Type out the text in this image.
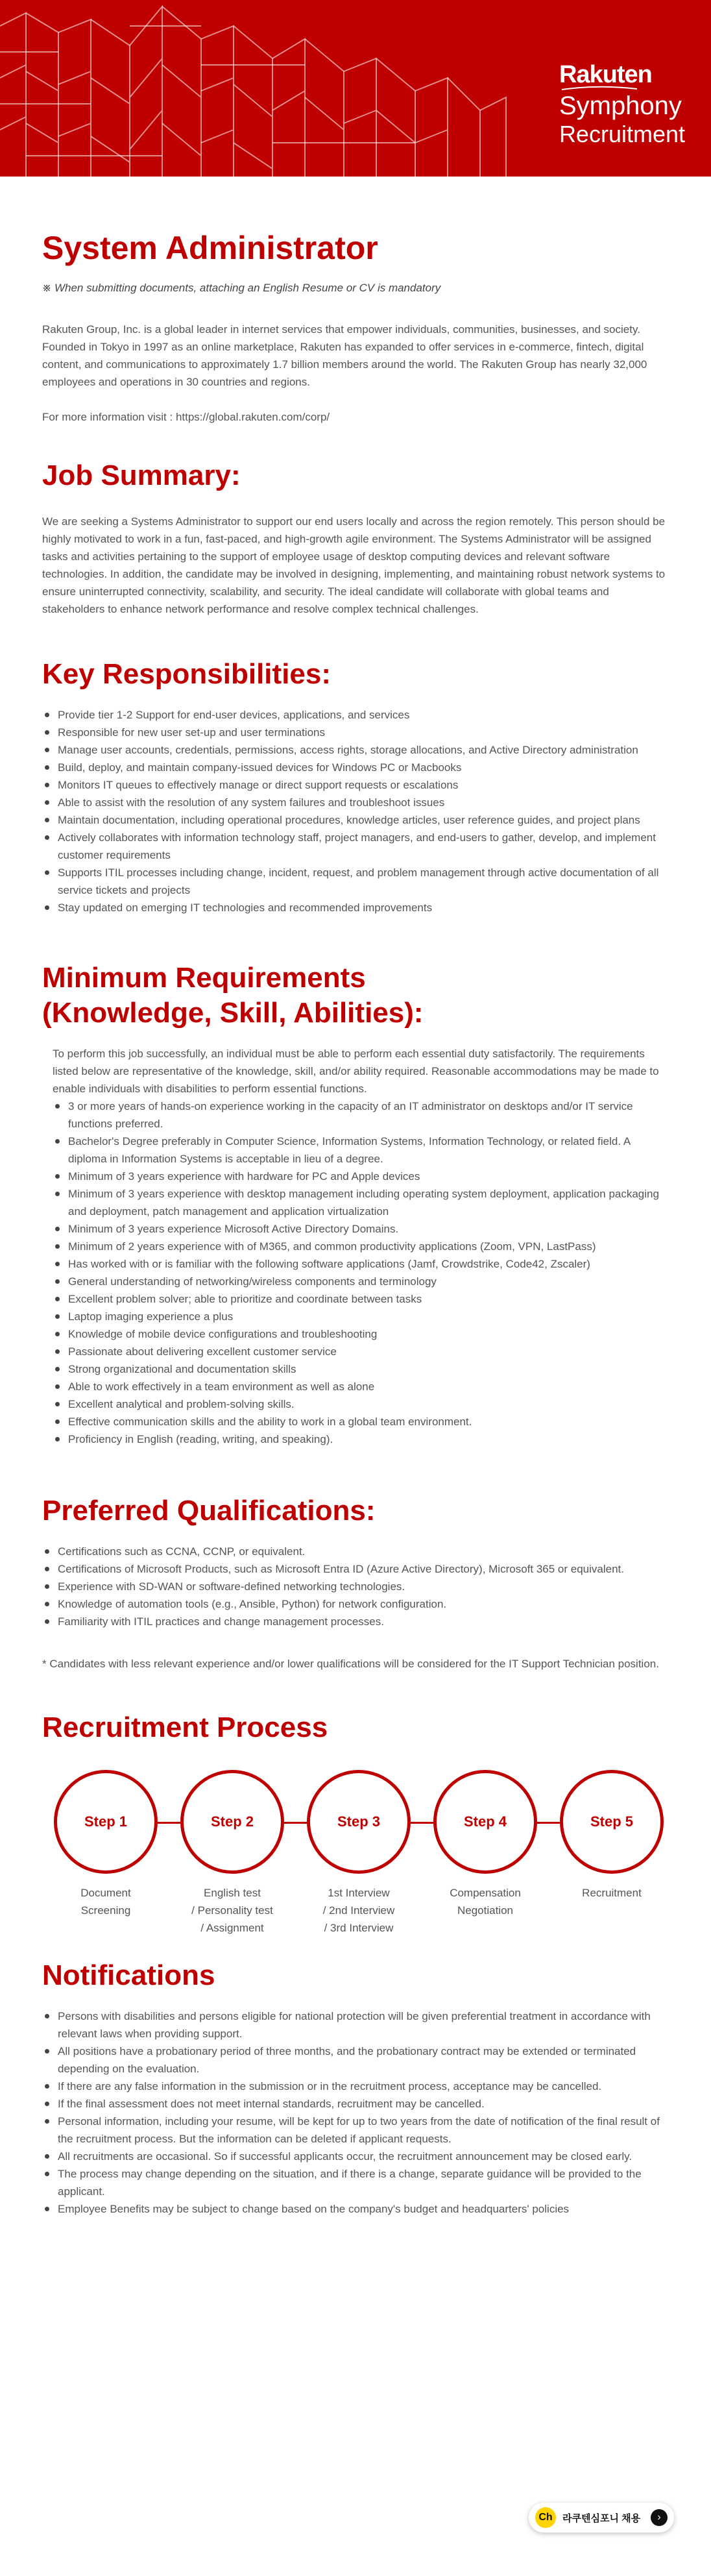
Rakuten
Symphony
Recruitment
System Administrator

※ When submitting documents, attaching an English Resume or CV is mandatory

Rakuten Group, Inc. is a global leader in internet services that empower individuals, communities, businesses, and society. Founded in Tokyo in 1997 as an online marketplace, Rakuten has expanded to offer services in e-commerce, fintech, digital content, and communications to approximately 1.7 billion members around the world. The Rakuten Group has nearly 32,000 employees and operations in 30 countries and regions.

For more information visit : https://global.rakuten.com/corp/

Job Summary:

We are seeking a Systems Administrator to support our end users locally and across the region remotely. This person should be highly motivated to work in a fun, fast-paced, and high-growth agile environment. The Systems Administrator will be assigned tasks and activities pertaining to the support of employee usage of desktop computing devices and relevant software technologies. In addition, the candidate may be involved in designing, implementing, and maintaining robust network systems to ensure uninterrupted connectivity, scalability, and security. The ideal candidate will collaborate with global teams and stakeholders to enhance network performance and resolve complex technical challenges.

Key Responsibilities:
Provide tier 1-2 Support for end-user devices, applications, and services
Responsible for new user set-up and user terminations
Manage user accounts, credentials, permissions, access rights, storage allocations, and Active Directory administration
Build, deploy, and maintain company-issued devices for Windows PC or Macbooks
Monitors IT queues to effectively manage or direct support requests or escalations
Able to assist with the resolution of any system failures and troubleshoot issues
Maintain documentation, including operational procedures, knowledge articles, user reference guides, and project plans
Actively collaborates with information technology staff, project managers, and end-users to gather, develop, and implement customer requirements
Supports ITIL processes including change, incident, request, and problem management through active documentation of all service tickets and projects
Stay updated on emerging IT technologies and recommended improvements
Minimum Requirements
(Knowledge, Skill, Abilities):

To perform this job successfully, an individual must be able to perform each essential duty satisfactorily. The requirements listed below are representative of the knowledge, skill, and/or ability required. Reasonable accommodations may be made to enable individuals with disabilities to perform essential functions.

3 or more years of hands-on experience working in the capacity of an IT administrator on desktops and/or IT service functions preferred.
Bachelor's Degree preferably in Computer Science, Information Systems, Information Technology, or related field. A diploma in Information Systems is acceptable in lieu of a degree.
Minimum of 3 years experience with hardware for PC and Apple devices
Minimum of 3 years experience with desktop management including operating system deployment, application packaging and deployment, patch management and application virtualization
Minimum of 3 years experience Microsoft Active Directory Domains.
Minimum of 2 years experience with of M365, and common productivity applications (Zoom, VPN, LastPass)
Has worked with or is familiar with the following software applications (Jamf, Crowdstrike, Code42, Zscaler)
General understanding of networking/wireless components and terminology
Excellent problem solver; able to prioritize and coordinate between tasks
Laptop imaging experience a plus
Knowledge of mobile device configurations and troubleshooting
Passionate about delivering excellent customer service
Strong organizational and documentation skills
Able to work effectively in a team environment as well as alone
Excellent analytical and problem-solving skills.
Effective communication skills and the ability to work in a global team environment.
Proficiency in English (reading, writing, and speaking).
Preferred Qualifications:
Certifications such as CCNA, CCNP, or equivalent.
Certifications of Microsoft Products, such as Microsoft Entra ID (Azure Active Directory), Microsoft 365 or equivalent.
Experience with SD-WAN or software-defined networking technologies.
Knowledge of automation tools (e.g., Ansible, Python) for network configuration.
Familiarity with ITIL practices and change management processes.

* Candidates with less relevant experience and/or lower qualifications will be considered for the IT Support Technician position.

Recruitment Process
Step 1
Document
Screening
Step 2
English test
/ Personality test
/ Assignment
Step 3
1st Interview
/ 2nd Interview
/ 3rd Interview
Step 4
Compensation
Negotiation
Step 5
Recruitment
Notifications
Persons with disabilities and persons eligible for national protection will be given preferential treatment in accordance with relevant laws when providing support.
All positions have a probationary period of three months, and the probationary contract may be extended or terminated depending on the evaluation.
If there are any false information in the submission or in the recruitment process, acceptance may be cancelled.
If the final assessment does not meet internal standards, recruitment may be cancelled.
Personal information, including your resume, will be kept for up to two years from the date of notification of the final result of the recruitment process. But the information can be deleted if applicant requests.
All recruitments are occasional. So if successful applicants occur, the recruitment announcement may be closed early.
The process may change depending on the situation, and if there is a change, separate guidance will be provided to the applicant.
Employee Benefits may be subject to change based on the company's budget and headquarters' policies
Ch	라쿠텐심포니 채용	›
